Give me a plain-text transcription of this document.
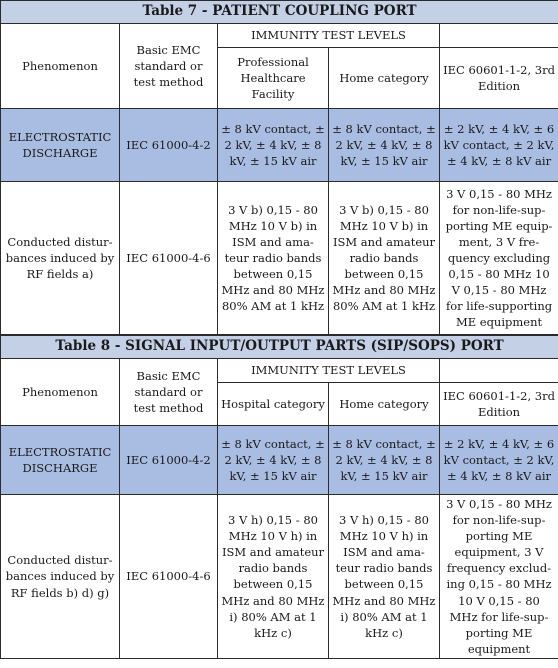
Table 7 - PATIENT COUPLING PORT				
Phenomenon	Basic EMC standard or test method	IMMUNITY TEST LEVELS		
		Professional Healthcare Facility	Home category	IEC 60601-1-2, 3rd Edition
ELECTROSTATIC DISCHARGE	IEC 61000-4-2	± 8 kV contact, ± 2 kV, ± 4 kV, ± 8 kV, ± 15 kV air	± 8 kV contact, ± 2 kV, ± 4 kV, ± 8 kV, ± 15 kV air	± 2 kV, ± 4 kV, ± 6 kV contact, ± 2 kV, ± 4 kV, ± 8 kV air
Conducted distur-bances induced by RF fields a)	IEC 61000-4-6	3 V b) 0,15 - 80 MHz 10 V b) in ISM and ama-teur radio bands between 0,15 MHz and 80 MHz 80% AM at 1 kHz	3 V b) 0,15 - 80 MHz 10 V b) in ISM and amateur radio bands between 0,15 MHz and 80 MHz 80% AM at 1 kHz	3 V 0,15 - 80 MHz for non-life-sup-porting ME equip-ment, 3 V fre-quency excluding 0,15 - 80 MHz 10 V 0,15 - 80 MHz for life-supporting ME equipment
Table 8 - SIGNAL INPUT/OUTPUT PARTS (SIP/SOPS) PORT				
Phenomenon	Basic EMC standard or test method	IMMUNITY TEST LEVELS		
		Hospital category	Home category	IEC 60601-1-2, 3rd Edition
ELECTROSTATIC DISCHARGE	IEC 61000-4-2	± 8 kV contact, ± 2 kV, ± 4 kV, ± 8 kV, ± 15 kV air	± 8 kV contact, ± 2 kV, ± 4 kV, ± 8 kV, ± 15 kV air	± 2 kV, ± 4 kV, ± 6 kV contact, ± 2 kV, ± 4 kV, ± 8 kV air
Conducted distur-bances induced by RF fields b) d) g)	IEC 61000-4-6	3 V h) 0,15 - 80 MHz 10 V h) in ISM and amateur radio bands between 0,15 MHz and 80 MHz i) 80% AM at 1 kHz c)	3 V h) 0,15 - 80 MHz 10 V h) in ISM and ama-teur radio bands between 0,15 MHz and 80 MHz i) 80% AM at 1 kHz c)	3 V 0,15 - 80 MHz for non-life-sup-porting ME equipment, 3 V frequency exclud-ing 0,15 - 80 MHz 10 V 0,15 - 80 MHz for life-sup-porting ME equipment
